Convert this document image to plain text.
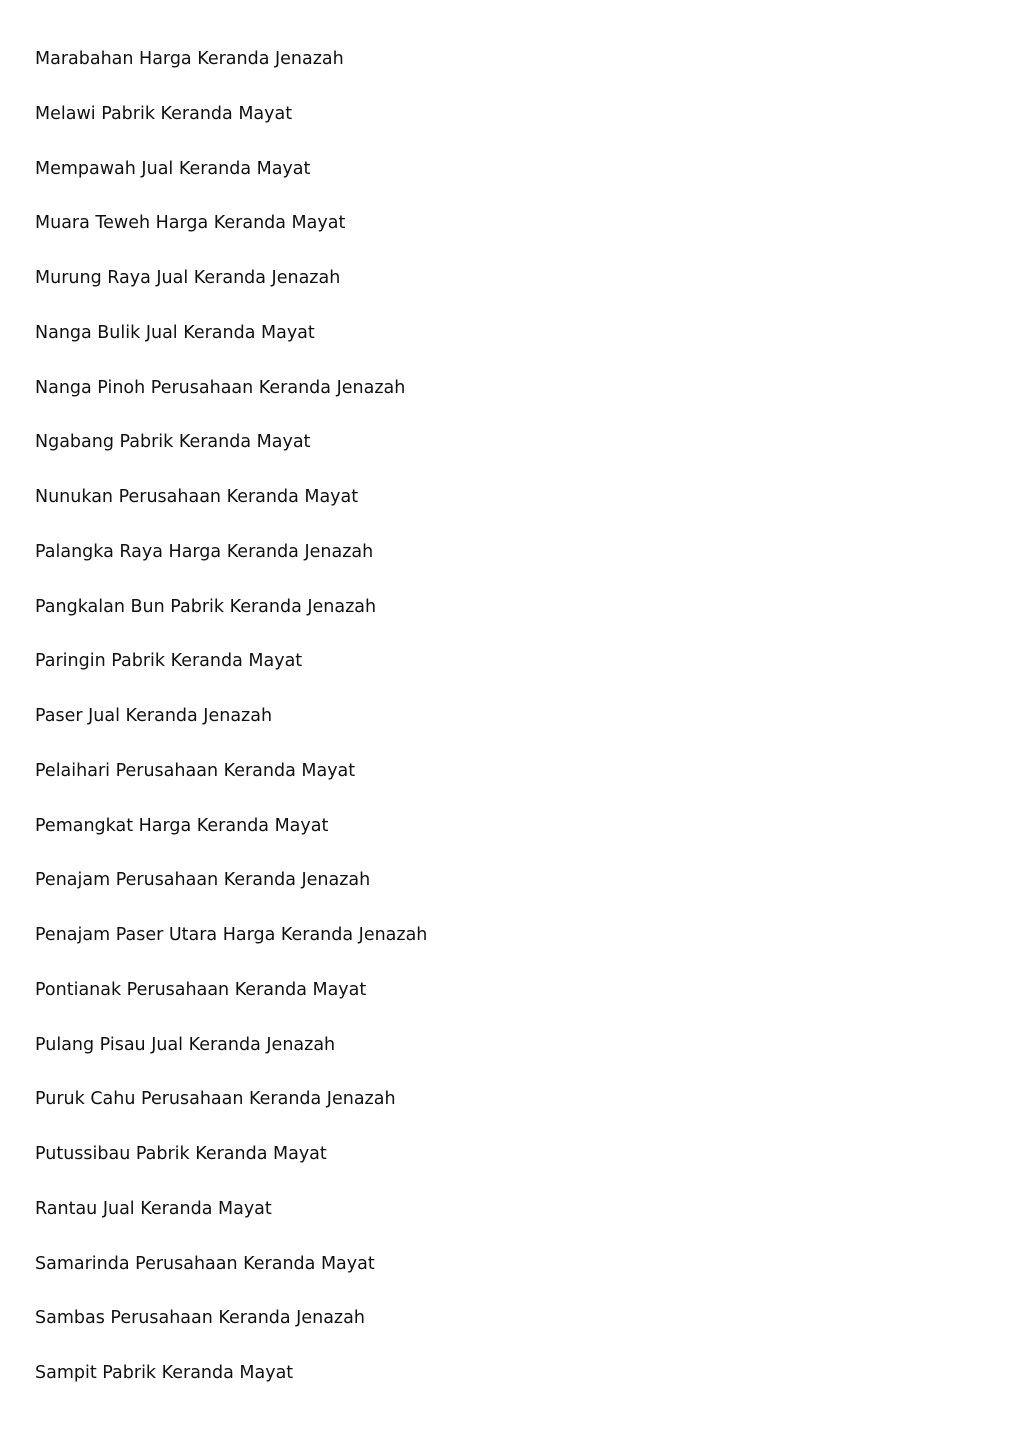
Marabahan Harga Keranda Jenazah
Melawi Pabrik Keranda Mayat
Mempawah Jual Keranda Mayat
Muara Teweh Harga Keranda Mayat
Murung Raya Jual Keranda Jenazah
Nanga Bulik Jual Keranda Mayat
Nanga Pinoh Perusahaan Keranda Jenazah
Ngabang Pabrik Keranda Mayat
Nunukan Perusahaan Keranda Mayat
Palangka Raya Harga Keranda Jenazah
Pangkalan Bun Pabrik Keranda Jenazah
Paringin Pabrik Keranda Mayat
Paser Jual Keranda Jenazah
Pelaihari Perusahaan Keranda Mayat
Pemangkat Harga Keranda Mayat
Penajam Perusahaan Keranda Jenazah
Penajam Paser Utara Harga Keranda Jenazah
Pontianak Perusahaan Keranda Mayat
Pulang Pisau Jual Keranda Jenazah
Puruk Cahu Perusahaan Keranda Jenazah
Putussibau Pabrik Keranda Mayat
Rantau Jual Keranda Mayat
Samarinda Perusahaan Keranda Mayat
Sambas Perusahaan Keranda Jenazah
Sampit Pabrik Keranda Mayat
